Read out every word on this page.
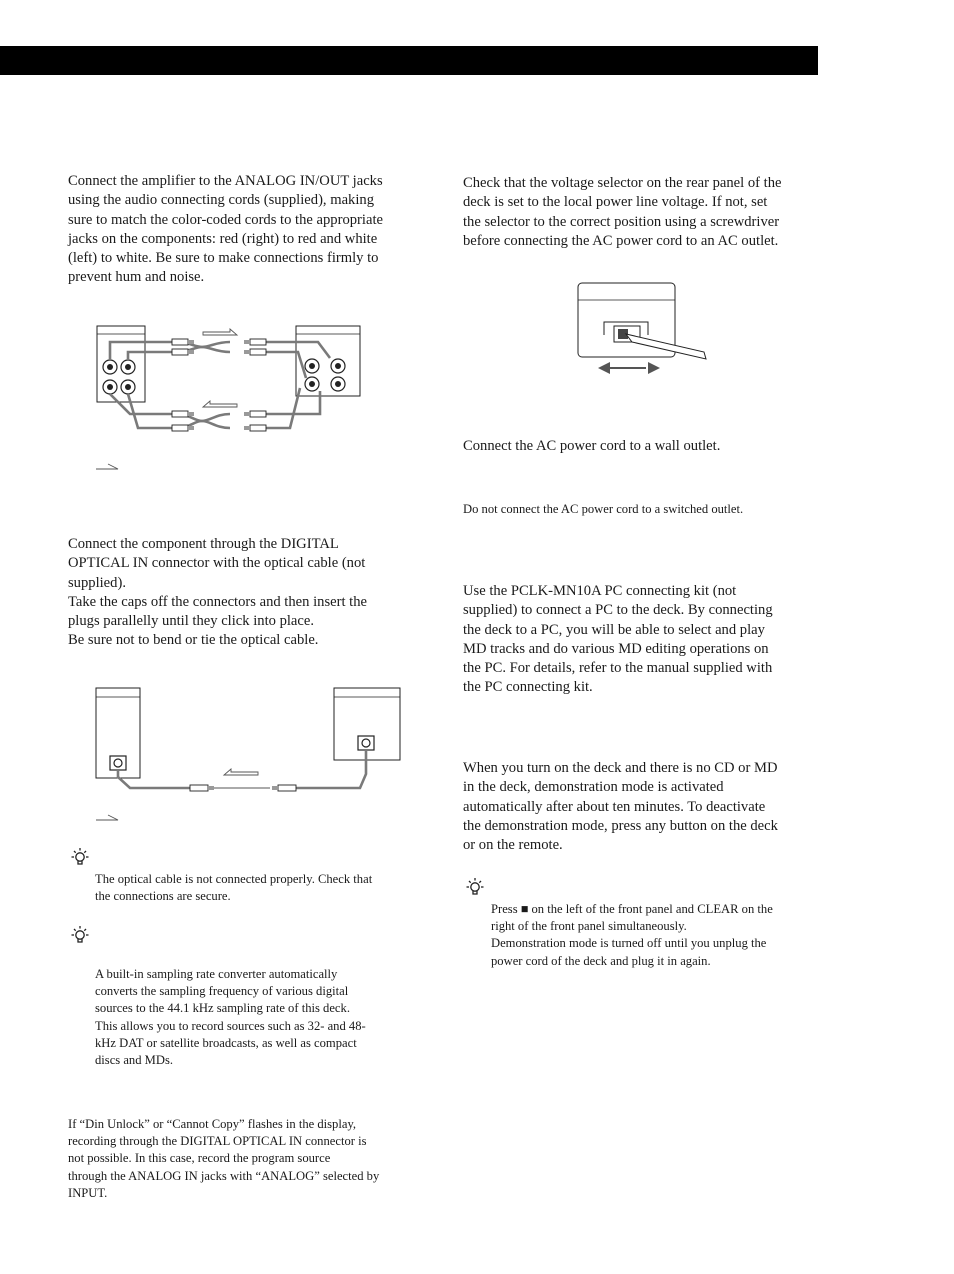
Connect the amplifier to the ANALOG IN/OUT jacks
using the audio connecting cords (supplied), making
sure to match the color-coded cords to the appropriate
jacks on the components: red (right) to red and white
(left) to white. Be sure to make connections firmly to
prevent hum and noise.

Connect the component through the DIGITAL
OPTICAL IN connector with the optical cable (not
supplied).
Take the caps off the connectors and then insert the
plugs parallelly until they click into place.
Be sure not to bend or tie the optical cable.

The optical cable is not connected properly. Check that
the connections are secure.

A built-in sampling rate converter automatically
converts the sampling frequency of various digital
sources to the 44.1 kHz sampling rate of this deck.
This allows you to record sources such as 32- and 48-
kHz DAT or satellite broadcasts, as well as compact
discs and MDs.

If “Din Unlock” or “Cannot Copy” flashes in the display,
recording through the DIGITAL OPTICAL IN connector is
not possible. In this case, record the program source
through the ANALOG IN jacks with “ANALOG” selected by
INPUT.

Check that the voltage selector on the rear panel of the
deck is set to the local power line voltage. If not, set
the selector to the correct position using a screwdriver
before connecting the AC power cord to an AC outlet.

Connect the AC power cord to a wall outlet.

Do not connect the AC power cord to a switched outlet.

Use the PCLK-MN10A PC connecting kit (not
supplied) to connect a PC to the deck. By connecting
the deck to a PC, you will be able to select and play
MD tracks and do various MD editing operations on
the PC. For details, refer to the manual supplied with
the PC connecting kit.

When you turn on the deck and there is no CD or MD
in the deck, demonstration mode is activated
automatically after about ten minutes. To deactivate
the demonstration mode, press any button on the deck
or on the remote.

Press ■ on the left of the front panel and CLEAR on the
right of the front panel simultaneously.
Demonstration mode is turned off until you unplug the
power cord of the deck and plug it in again.
